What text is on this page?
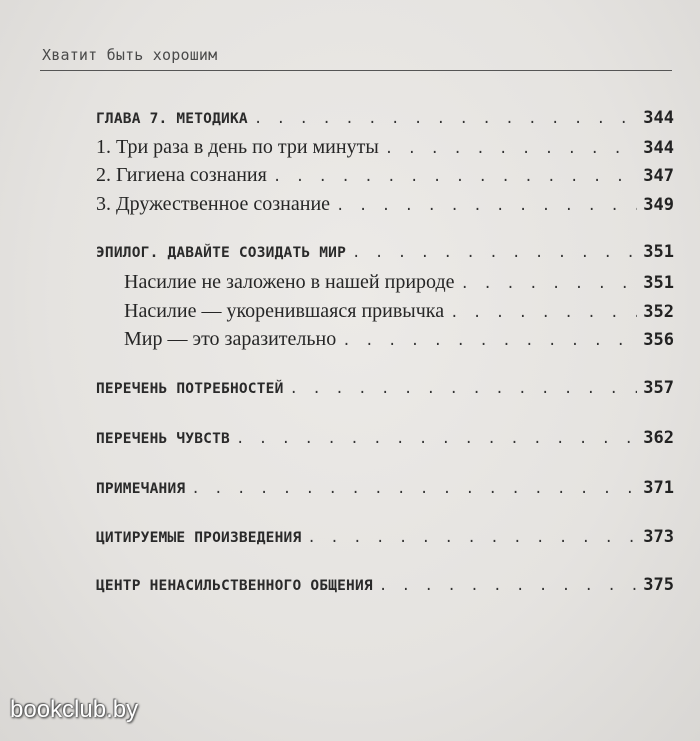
Хватит быть хорошим
ГЛАВА 7. МЕТОДИКА . . .	344
1. Три раза в день по три минуты . . .	344
2. Гигиена сознания . . .	347
3. Дружественное сознание . . .	349
ЭПИЛОГ. ДАВАЙТЕ СОЗИДАТЬ МИР . . .	351
Насилие не заложено в нашей природе . . .	351
Насилие — укоренившаяся привычка . . .	352
Мир — это заразительно . . .	356
ПЕРЕЧЕНЬ ПОТРЕБНОСТЕЙ . . .	357
ПЕРЕЧЕНЬ ЧУВСТВ . . .	362
ПРИМЕЧАНИЯ . . .	371
ЦИТИРУЕМЫЕ ПРОИЗВЕДЕНИЯ . . .	373
ЦЕНТР НЕНАСИЛЬСТВЕННОГО ОБЩЕНИЯ . . .	375
bookclub.by
